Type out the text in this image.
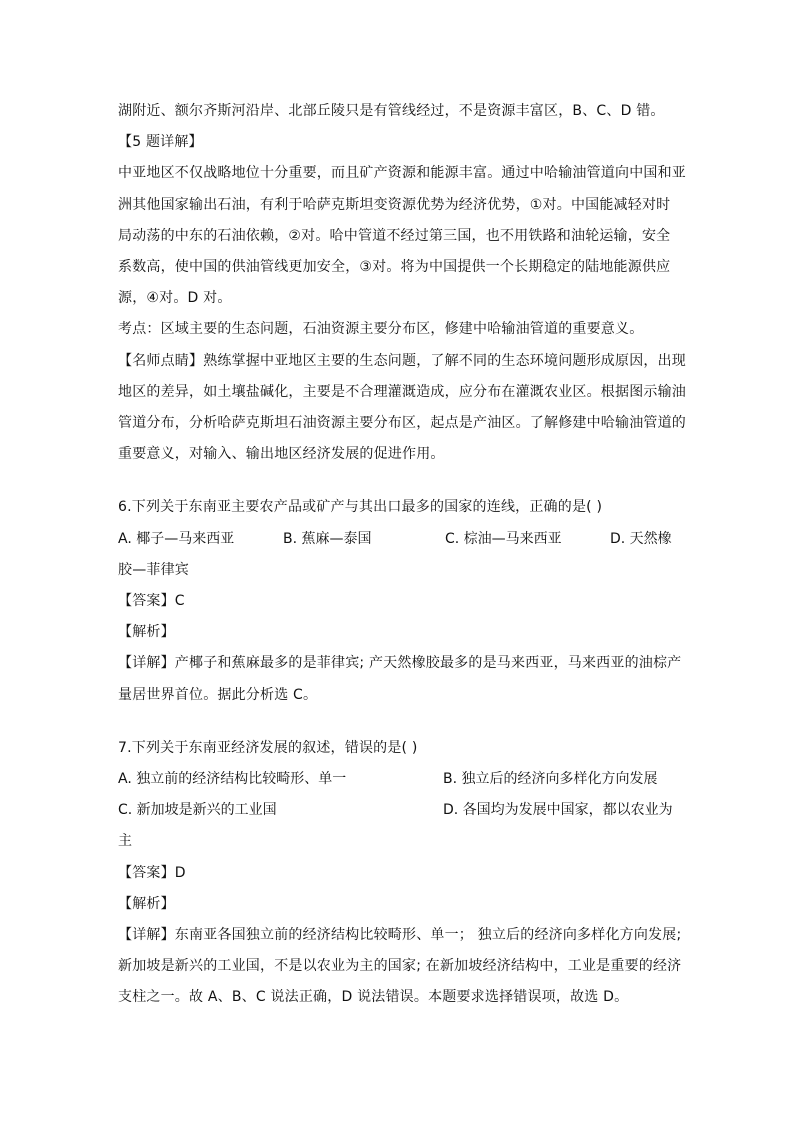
湖附近、额尔齐斯河沿岸、北部丘陵只是有管线经过，不是资源丰富区，B、C、D 错。
【5 题详解】
中亚地区不仅战略地位十分重要，而且矿产资源和能源丰富。通过中哈输油管道向中国和亚
洲其他国家输出石油，有利于哈萨克斯坦变资源优势为经济优势，①对。中国能减轻对时
局动荡的中东的石油依赖，②对。哈中管道不经过第三国，也不用铁路和油轮运输，安全
系数高，使中国的供油管线更加安全，③对。将为中国提供一个长期稳定的陆地能源供应
源，④对。D 对。
考点：区域主要的生态问题，石油资源主要分布区，修建中哈输油管道的重要意义。
【名师点睛】熟练掌握中亚地区主要的生态问题，了解不同的生态环境问题形成原因，出现
地区的差异，如土壤盐碱化，主要是不合理灌溉造成，应分布在灌溉农业区。根据图示输油
管道分布，分析哈萨克斯坦石油资源主要分布区，起点是产油区。了解修建中哈输油管道的
重要意义，对输入、输出地区经济发展的促进作用。
6.下列关于东南亚主要农产品或矿产与其出口最多的国家的连线，正确的是( )
A. 椰子—马来西亚	B. 蕉麻—泰国	C. 棕油—马来西亚	D. 天然橡
胶—菲律宾
【答案】C
【解析】
【详解】产椰子和蕉麻最多的是菲律宾; 产天然橡胶最多的是马来西亚，马来西亚的油棕产
量居世界首位。据此分析选 C。
7.下列关于东南亚经济发展的叙述，错误的是( )
A. 独立前的经济结构比较畸形、单一	B. 独立后的经济向多样化方向发展
C. 新加坡是新兴的工业国	D. 各国均为发展中国家，都以农业为
主
【答案】D
【解析】
【详解】东南亚各国独立前的经济结构比较畸形、单一； 独立后的经济向多样化方向发展;
新加坡是新兴的工业国，不是以农业为主的国家; 在新加坡经济结构中，工业是重要的经济
支柱之一。故 A、B、C 说法正确，D 说法错误。本题要求选择错误项，故选 D。
